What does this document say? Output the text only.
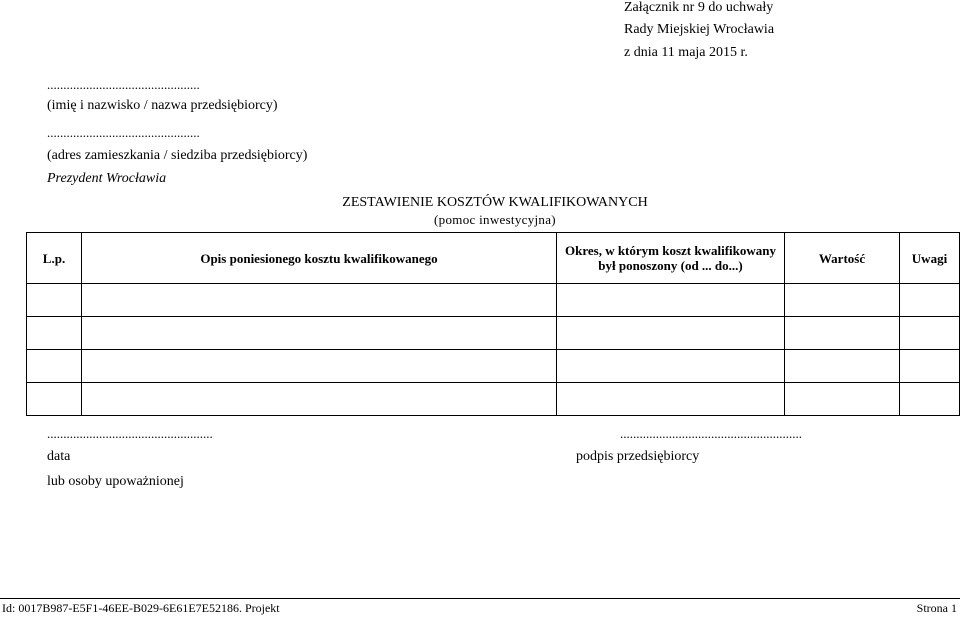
Załącznik nr 9 do uchwały
Rady Miejskiej Wrocławia
z dnia 11 maja 2015 r.
...............................................
(imię i nazwisko / nazwa przedsiębiorcy)
...............................................
(adres zamieszkania / siedziba przedsiębiorcy)
Prezydent Wrocławia
ZESTAWIENIE KOSZTÓW KWALIFIKOWANYCH
(pomoc inwestycyjna)
L.p.	Opis poniesionego kosztu kwalifikowanego	Okres, w którym koszt kwalifikowany był ponoszony (od ... do...)	Wartość	Uwagi

...................................................	........................................................
data
lub osoby upoważnionej
podpis przedsiębiorcy
Id: 0017B987-E5F1-46EE-B029-6E61E7E52186. Projekt	Strona 1
